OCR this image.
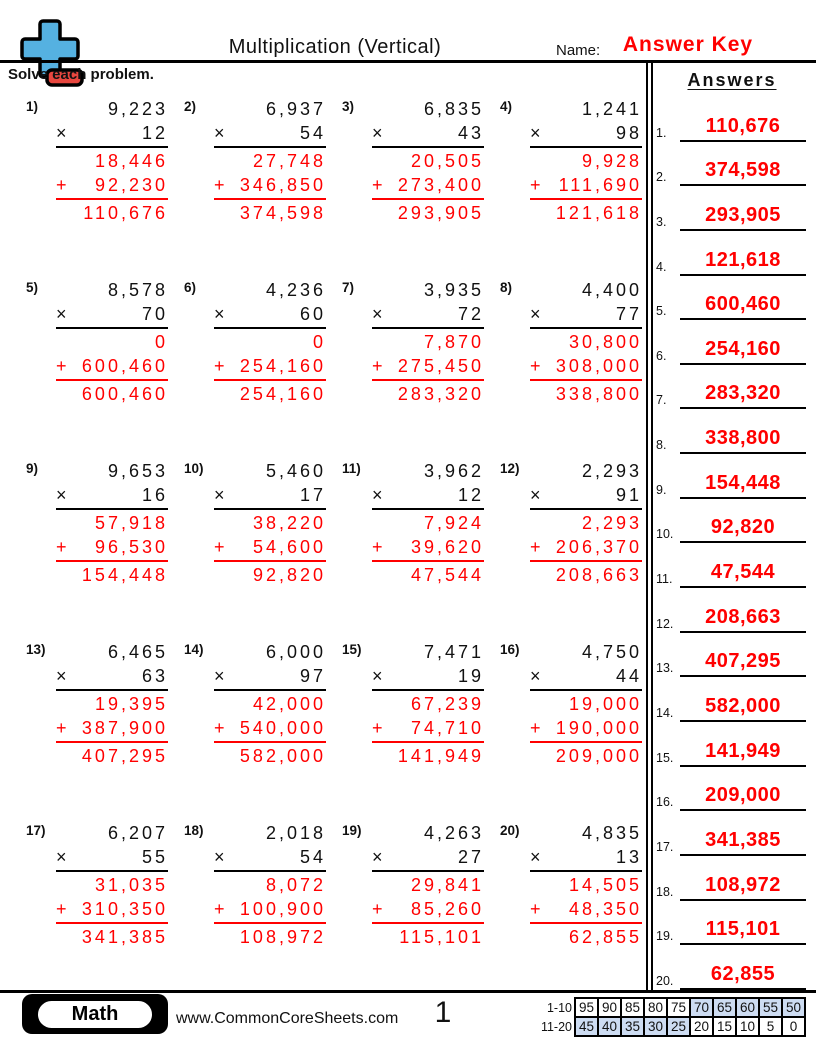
Multiplication (Vertical)	Name:	Answer Key
Solve each problem.
1)	9,223
×	12
18,446
+ 92,230
110,676
2)	6,937
×	54
27,748
+ 346,850
374,598
3)	6,835
×	43
20,505
+ 273,400
293,905
4)	1,241
×	98
9,928
+ 111,690
121,618
5)	8,578
×	70
0
+ 600,460
600,460
6)	4,236
×	60
0
+ 254,160
254,160
7)	3,935
×	72
7,870
+ 275,450
283,320
8)	4,400
×	77
30,800
+ 308,000
338,800
9)	9,653
×	16
57,918
+ 96,530
154,448
10)	5,460
×	17
38,220
+ 54,600
92,820
11)	3,962
×	12
7,924
+ 39,620
47,544
12)	2,293
×	91
2,293
+ 206,370
208,663
13)	6,465
×	63
19,395
+ 387,900
407,295
14)	6,000
×	97
42,000
+ 540,000
582,000
15)	7,471
×	19
67,239
+ 74,710
141,949
16)	4,750
×	44
19,000
+ 190,000
209,000
17)	6,207
×	55
31,035
+ 310,350
341,385
18)	2,018
×	54
8,072
+ 100,900
108,972
19)	4,263
×	27
29,841
+ 85,260
115,101
20)	4,835
×	13
14,505
+ 48,350
62,855
Answers
1.	110,676
2.	374,598
3.	293,905
4.	121,618
5.	600,460
6.	254,160
7.	283,320
8.	338,800
9.	154,448
10.	92,820
11.	47,544
12.	208,663
13.	407,295
14.	582,000
15.	141,949
16.	209,000
17.	341,385
18.	108,972
19.	115,101
20.	62,855
Math	www.CommonCoreSheets.com	1	1-10 95 90 85 80 75 70 65 60 55 50
11-20 45 40 35 30 25 20 15 10 5	0
